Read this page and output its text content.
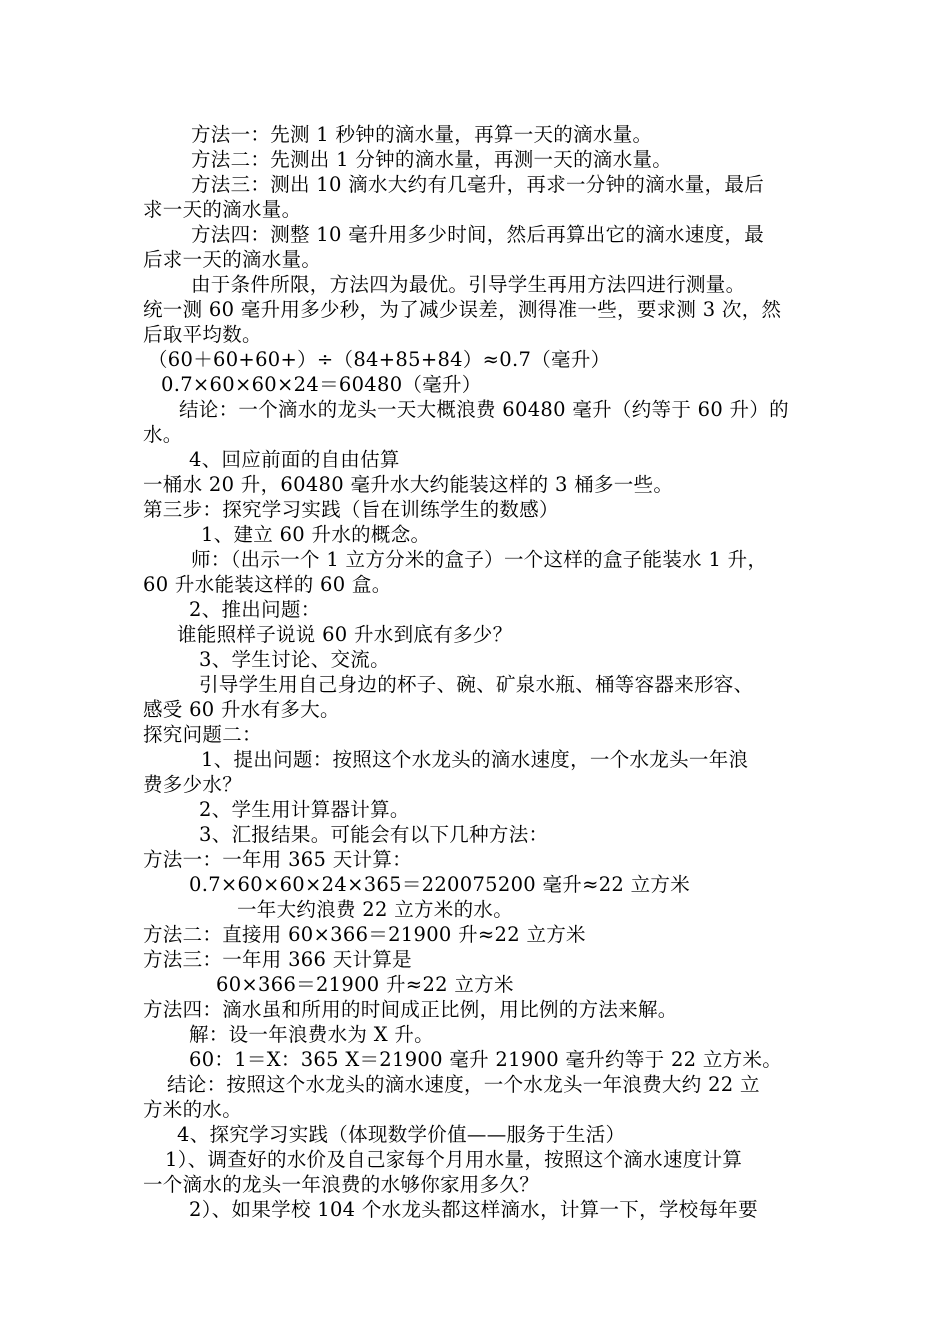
方法一：先测 1 秒钟的滴水量，再算一天的滴水量。
方法二：先测出 1 分钟的滴水量，再测一天的滴水量。
方法三：测出 10 滴水大约有几毫升，再求一分钟的滴水量，最后
求一天的滴水量。
方法四：测整 10 毫升用多少时间，然后再算出它的滴水速度，最
后求一天的滴水量。
由于条件所限，方法四为最优。引导学生再用方法四进行测量。
统一测 60 毫升用多少秒，为了减少误差，测得准一些，要求测 3 次，然
后取平均数。
（60＋60+60+）÷（84+85+84）≈0.7（毫升）
0.7×60×60×24＝60480（毫升）
结论：一个滴水的龙头一天大概浪费 60480 毫升（约等于 60 升）的
水。
4、回应前面的自由估算
一桶水 20 升，60480 毫升水大约能装这样的 3 桶多一些。
第三步：探究学习实践（旨在训练学生的数感）
1、建立 60 升水的概念。
师：（出示一个 1 立方分米的盒子）一个这样的盒子能装水 1 升，
60 升水能装这样的 60 盒。
2、推出问题：
谁能照样子说说 60 升水到底有多少？
3、学生讨论、交流。
引导学生用自己身边的杯子、碗、矿泉水瓶、桶等容器来形容、
感受 60 升水有多大。
探究问题二：
1、提出问题：按照这个水龙头的滴水速度，一个水龙头一年浪
费多少水？
2、学生用计算器计算。
3、汇报结果。可能会有以下几种方法：
方法一：一年用 365 天计算：
0.7×60×60×24×365＝220075200 毫升≈22 立方米
一年大约浪费 22 立方米的水。
方法二：直接用 60×366＝21900 升≈22 立方米
方法三：一年用 366 天计算是
60×366＝21900 升≈22 立方米
方法四：滴水虽和所用的时间成正比例，用比例的方法来解。
解：设一年浪费水为 X 升。
60：1＝X：365 X＝21900 毫升 21900 毫升约等于 22 立方米。
结论：按照这个水龙头的滴水速度，一个水龙头一年浪费大约 22 立
方米的水。
4、探究学习实践（体现数学价值——服务于生活）
1）、调查好的水价及自己家每个月用水量，按照这个滴水速度计算
一个滴水的龙头一年浪费的水够你家用多久？
2）、如果学校 104 个水龙头都这样滴水，计算一下，学校每年要
